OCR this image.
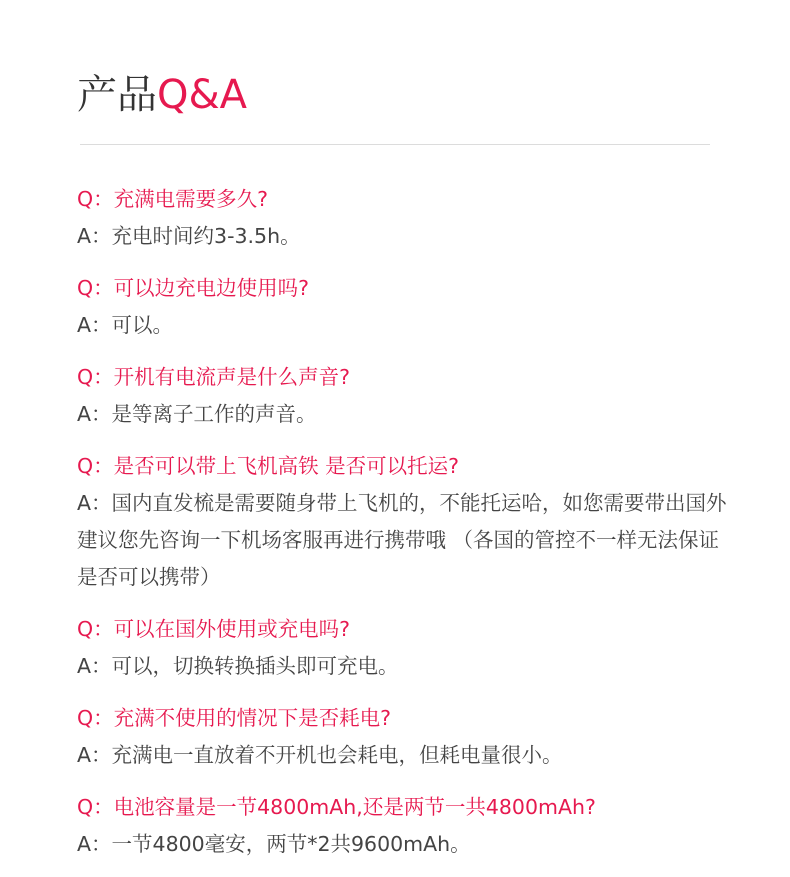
产品Q&A

Q：充满电需要多久?

A：充电时间约3-3.5h。

Q：可以边充电边使用吗?

A：可以。

Q：开机有电流声是什么声音?

A：是等离子工作的声音。

Q：是否可以带上飞机高铁 是否可以托运?

A：国内直发梳是需要随身带上飞机的，不能托运哈，如您需要带出国外建议您先咨询一下机场客服再进行携带哦 （各国的管控不一样无法保证是否可以携带）

Q：可以在国外使用或充电吗?

A：可以，切换转换插头即可充电。

Q：充满不使用的情况下是否耗电?

A：充满电一直放着不开机也会耗电，但耗电量很小。

Q：电池容量是一节4800mAh,还是两节一共4800mAh?

A：一节4800毫安，两节*2共9600mAh。
